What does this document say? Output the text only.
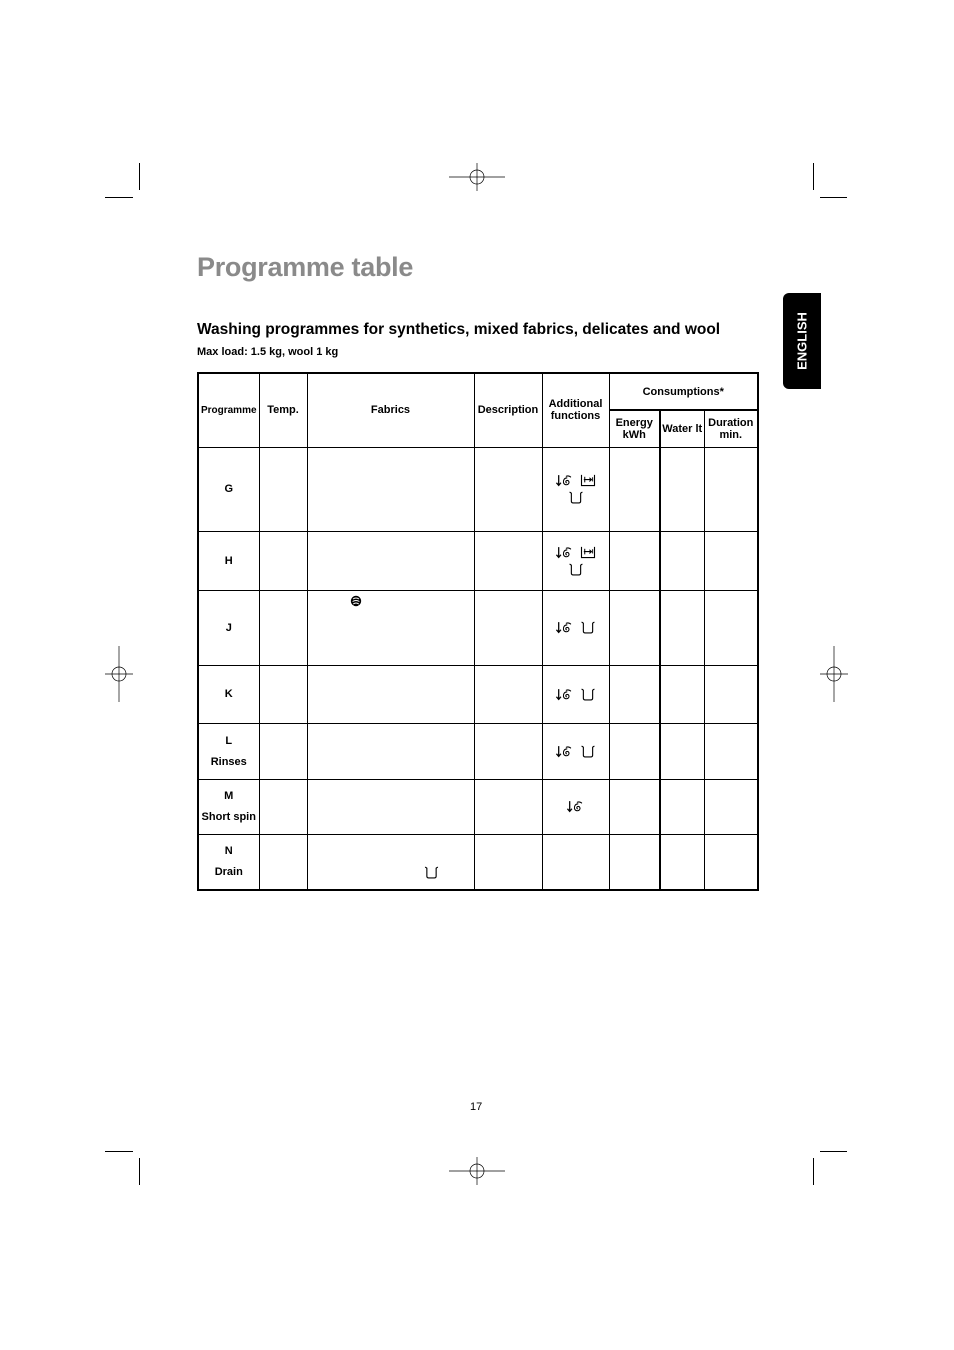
Programme table
Washing programmes for synthetics, mixed fabrics, delicates and wool
Max load: 1.5 kg, wool 1 kg	ENGLISH
Programme	Temp.	Fabrics	Description	Additional functions	Consumptions*		
					Energy kWh	Water lt	Duration min.

G

H

J

K

L
Rinses

M
Short spin

N
Drain

17
